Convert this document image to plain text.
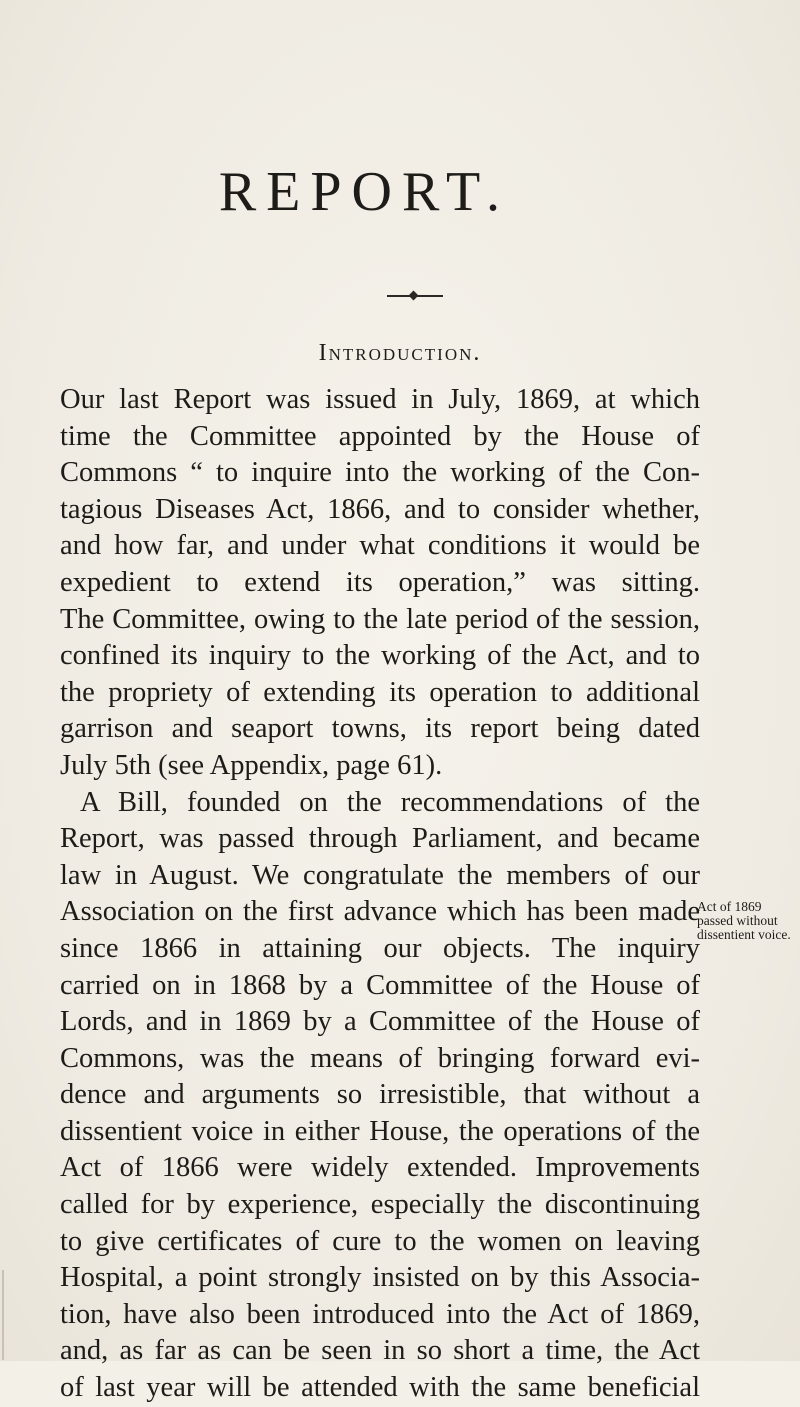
REPORT.
Introduction.
Our last Report was issued in July, 1869, at which
time the Committee appointed by the House of
Commons “ to inquire into the working of the Con-
tagious Diseases Act, 1866, and to consider whether,
and how far, and under what conditions it would be
expedient to extend its operation,” was sitting.
The Committee, owing to the late period of the session,
confined its inquiry to the working of the Act, and to
the propriety of extending its operation to additional
garrison and seaport towns, its report being dated
July 5th (see Appendix, page 61).
A Bill, founded on the recommendations of the
Report, was passed through Parliament, and became
law in August. We congratulate the members of our
Association on the first advance which has been made
since 1866 in attaining our objects. The inquiry
carried on in 1868 by a Committee of the House of
Lords, and in 1869 by a Committee of the House of
Commons, was the means of bringing forward evi-
dence and arguments so irresistible, that without a
dissentient voice in either House, the operations of the
Act of 1866 were widely extended. Improvements
called for by experience, especially the discontinuing
to give certificates of cure to the women on leaving
Hospital, a point strongly insisted on by this Associa-
tion, have also been introduced into the Act of 1869,
and, as far as can be seen in so short a time, the Act
of last year will be attended with the same beneficial
Act of 1869
passed without
dissentient voice.
